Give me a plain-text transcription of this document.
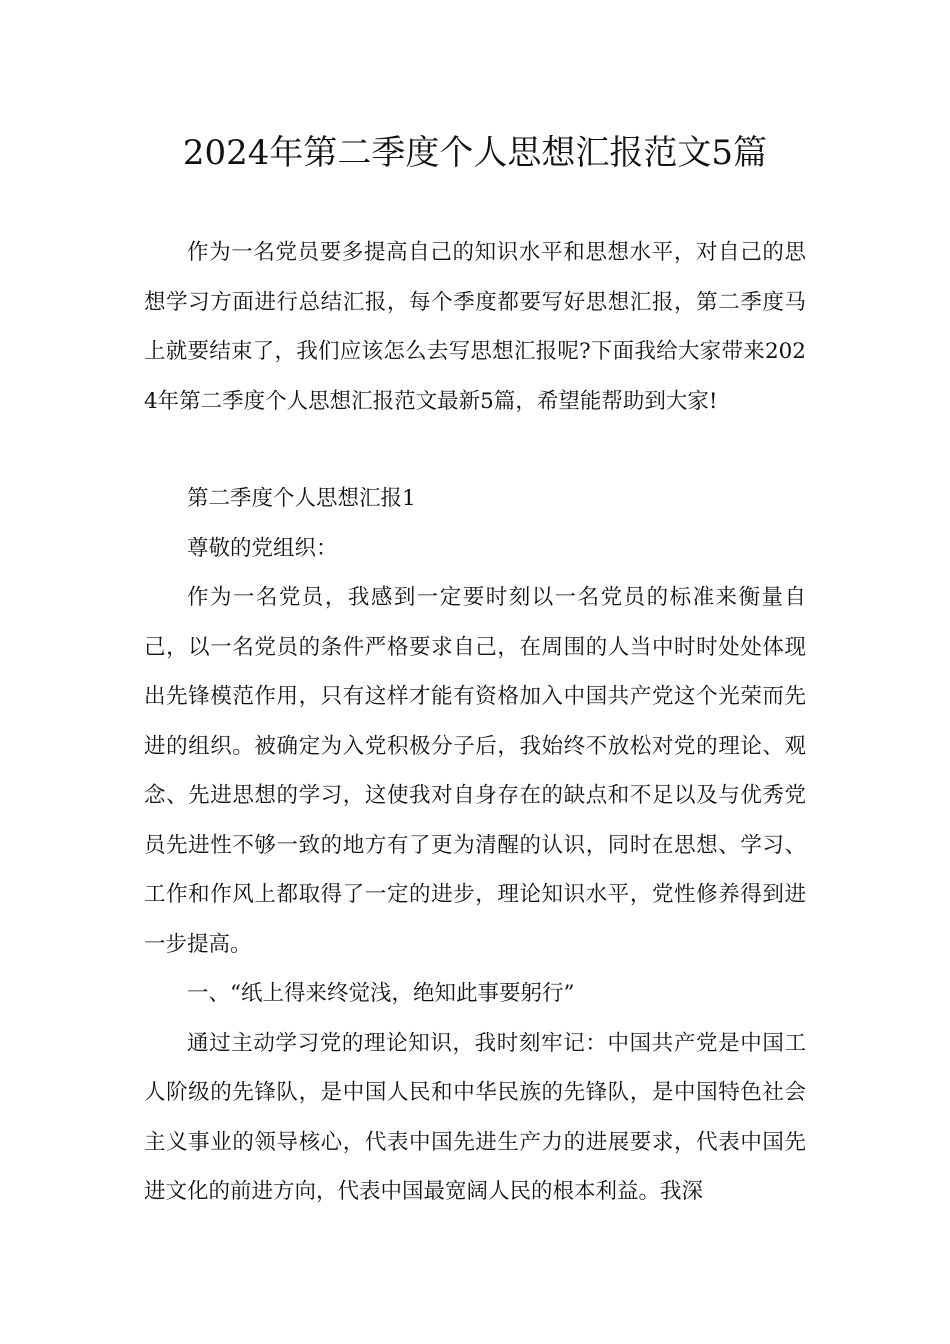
2024年第二季度个人思想汇报范文5篇

作为一名党员要多提高自己的知识水平和思想水平，对自己的思想学习方面进行总结汇报，每个季度都要写好思想汇报，第二季度马上就要结束了，我们应该怎么去写思想汇报呢?下面我给大家带来2024年第二季度个人思想汇报范文最新5篇，希望能帮助到大家!

第二季度个人思想汇报1

尊敬的党组织：

作为一名党员，我感到一定要时刻以一名党员的标准来衡量自己，以一名党员的条件严格要求自己，在周围的人当中时时处处体现出先锋模范作用，只有这样才能有资格加入中国共产党这个光荣而先进的组织。被确定为入党积极分子后，我始终不放松对党的理论、观念、先进思想的学习，这使我对自身存在的缺点和不足以及与优秀党员先进性不够一致的地方有了更为清醒的认识，同时在思想、学习、工作和作风上都取得了一定的进步，理论知识水平，党性修养得到进一步提高。

一、“纸上得来终觉浅，绝知此事要躬行”

通过主动学习党的理论知识，我时刻牢记：中国共产党是中国工人阶级的先锋队，是中国人民和中华民族的先锋队，是中国特色社会主义事业的领导核心，代表中国先进生产力的进展要求，代表中国先进文化的前进方向，代表中国最宽阔人民的根本利益。我深
